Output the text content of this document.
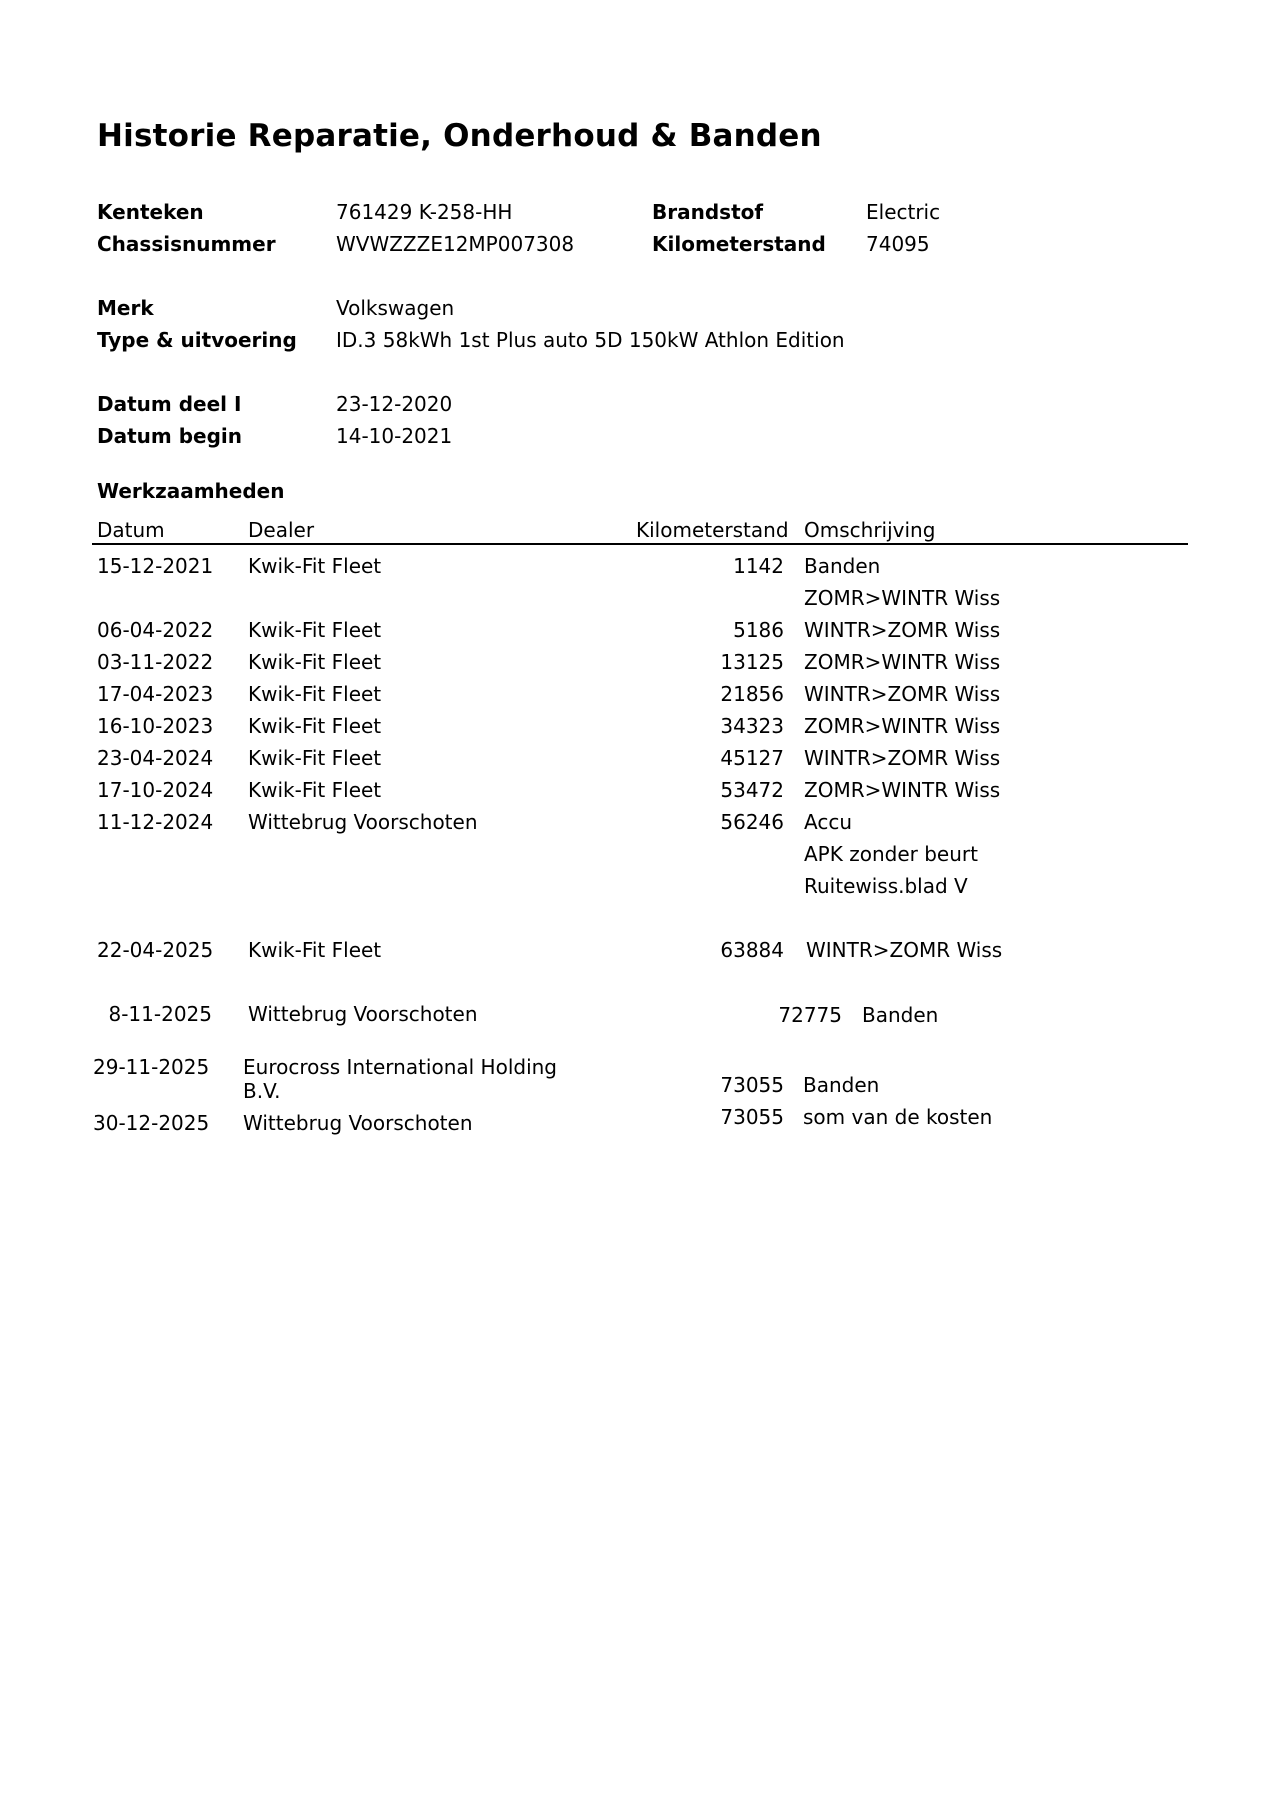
Historie Reparatie, Onderhoud & Banden
Kenteken	761429 K-258-HH	Brandstof	Electric
Chassisnummer	WVWZZZE12MP007308	Kilometerstand 74095
Merk	Volkswagen
Type & uitvoering ID.3 58kWh 1st Plus auto 5D 150kW Athlon Edition
Datum deel I	23-12-2020
Datum begin	14-10-2021
Werkzaamheden
Datum	Dealer	Kilometerstand Omschrijving
15-12-2021 Kwik-Fit Fleet	1142 Banden
ZOMR>WINTR Wiss
06-04-2022 Kwik-Fit Fleet	5186 WINTR>ZOMR Wiss
03-11-2022 Kwik-Fit Fleet	13125 ZOMR>WINTR Wiss
17-04-2023 Kwik-Fit Fleet	21856 WINTR>ZOMR Wiss
16-10-2023 Kwik-Fit Fleet	34323 ZOMR>WINTR Wiss
23-04-2024 Kwik-Fit Fleet	45127 WINTR>ZOMR Wiss
17-10-2024 Kwik-Fit Fleet	53472 ZOMR>WINTR Wiss
11-12-2024 Wittebrug Voorschoten	56246 Accu
APK zonder beurt
Ruitewiss.blad V
22-04-2025 Kwik-Fit Fleet	63884 WINTR>ZOMR Wiss
8-11-2025 Wittebrug Voorschoten	72775 Banden
29-11-2025 Eurocross International Holding
B.V.	73055 Banden
30-12-2025 Wittebrug Voorschoten	73055 som van de kosten
